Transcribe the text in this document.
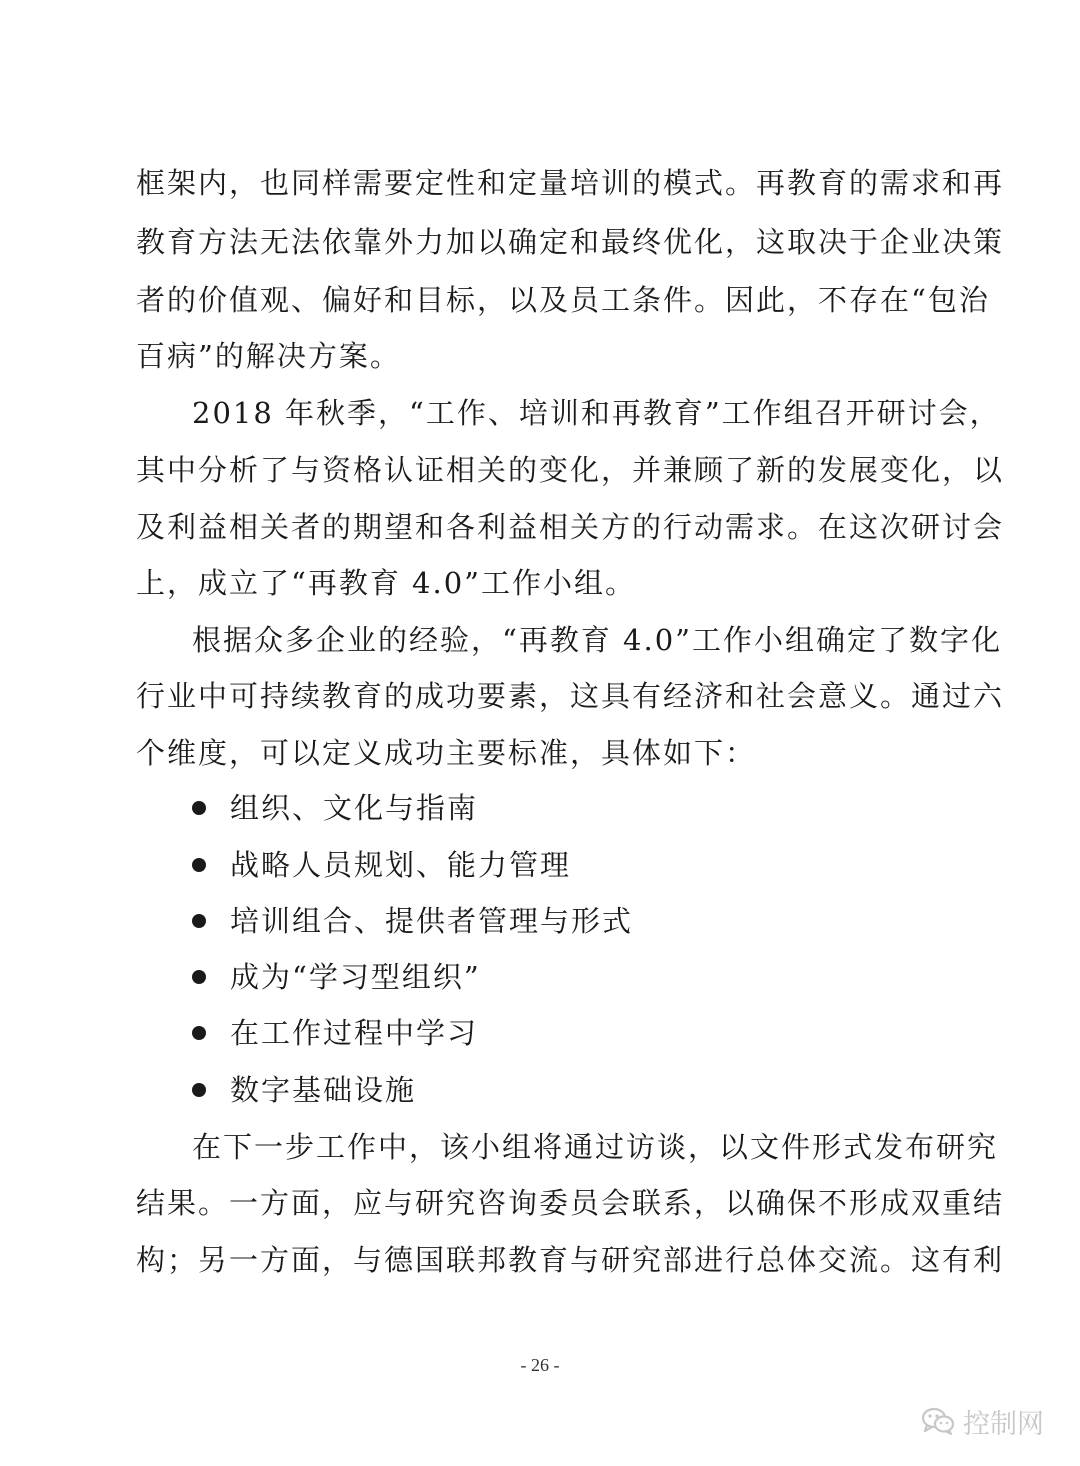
框架内，也同样需要定性和定量培训的模式。再教育的需求和再
教育方法无法依靠外力加以确定和最终优化，这取决于企业决策
者的价值观、偏好和目标，以及员工条件。因此，不存在“包治
百病”的解决方案。
2018 年秋季，“工作、培训和再教育”工作组召开研讨会，
其中分析了与资格认证相关的变化，并兼顾了新的发展变化，以
及利益相关者的期望和各利益相关方的行动需求。在这次研讨会
上，成立了“再教育 4.0”工作小组。
根据众多企业的经验，“再教育 4.0”工作小组确定了数字化
行业中可持续教育的成功要素，这具有经济和社会意义。通过六
个维度，可以定义成功主要标准，具体如下：
组织、文化与指南
战略人员规划、能力管理
培训组合、提供者管理与形式
成为“学习型组织”
在工作过程中学习
数字基础设施
在下一步工作中，该小组将通过访谈，以文件形式发布研究
结果。一方面，应与研究咨询委员会联系，以确保不形成双重结
构；另一方面，与德国联邦教育与研究部进行总体交流。这有利
- 26 -
控制网
